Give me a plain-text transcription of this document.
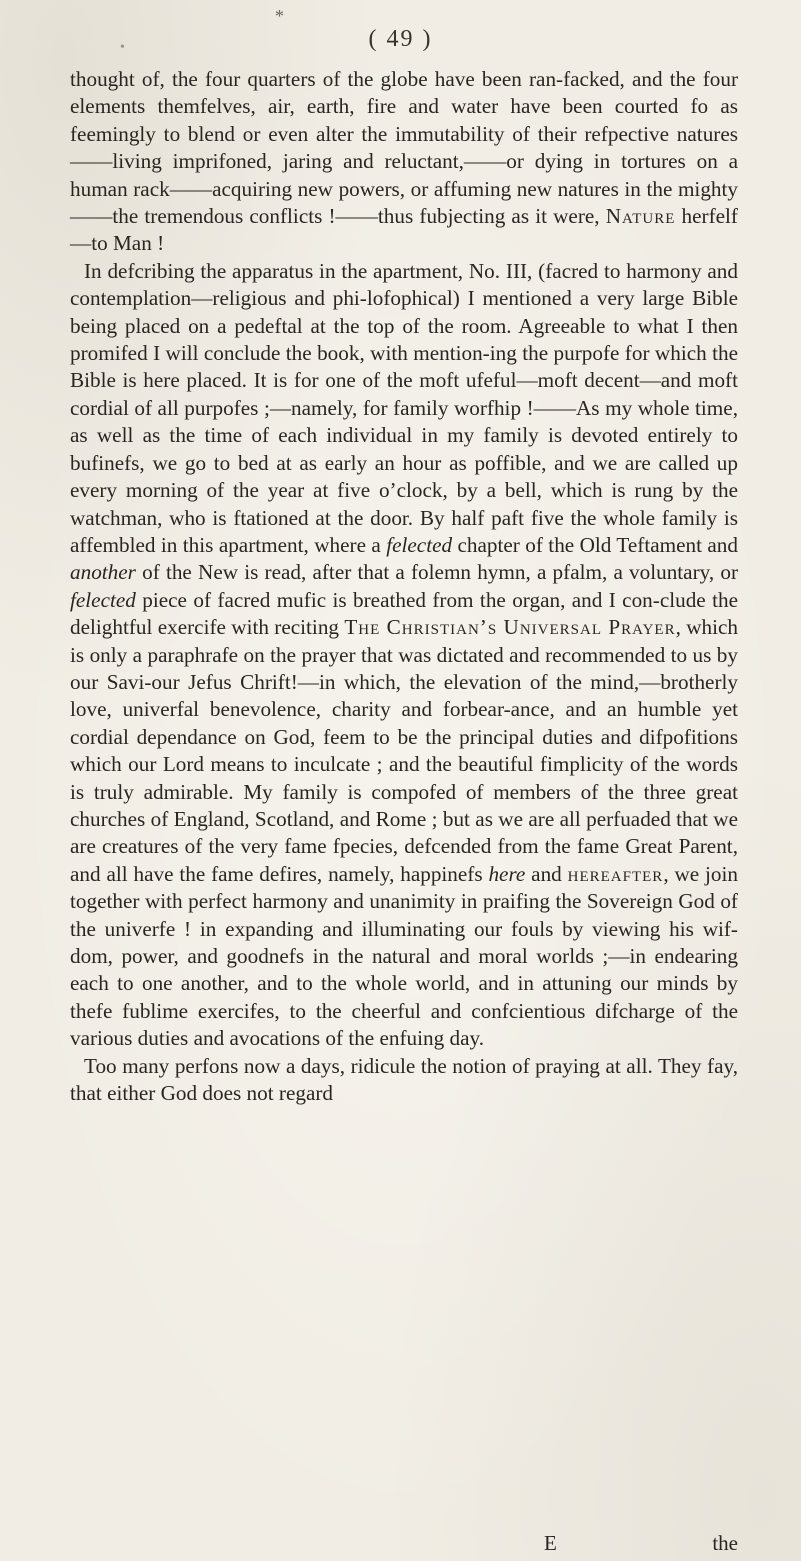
*
•	( 49 )

thought of, the four quarters of the globe have been ran-facked, and the four elements themfelves, air, earth, fire and water have been courted fo as feemingly to blend or even alter the immutability of their refpective natures——living imprifoned, jaring and reluctant,——or dying in tortures on a human rack——acquiring new powers, or affuming new natures in the mighty——the tremendous conflicts !——thus fubjecting as it were, Nature herfelf—to Man !

In defcribing the apparatus in the apartment, No. III, (facred to harmony and contemplation—religious and phi-lofophical) I mentioned a very large Bible being placed on a pedeftal at the top of the room. Agreeable to what I then promifed I will conclude the book, with mention-ing the purpofe for which the Bible is here placed. It is for one of the moft ufeful—moft decent—and moft cordial of all purpofes ;—namely, for family worfhip !——As my whole time, as well as the time of each individual in my family is devoted entirely to bufinefs, we go to bed at as early an hour as poffible, and we are called up every morning of the year at five o’clock, by a bell, which is rung by the watchman, who is ftationed at the door. By half paft five the whole family is affembled in this apartment, where a felected chapter of the Old Teftament and another of the New is read, after that a folemn hymn, a pfalm, a voluntary, or felected piece of facred mufic is breathed from the organ, and I con-clude the delightful exercife with reciting The Christian’s Universal Prayer, which is only a paraphrafe on the prayer that was dictated and recommended to us by our Savi-our Jefus Chrift!—in which, the elevation of the mind,—brotherly love, univerfal benevolence, charity and forbear-ance, and an humble yet cordial dependance on God, feem to be the principal duties and difpofitions which our Lord means to inculcate ; and the beautiful fimplicity of the words is truly admirable. My family is compofed of members of the three great churches of England, Scotland, and Rome ; but as we are all perfuaded that we are creatures of the very fame fpecies, defcended from the fame Great Parent, and all have the fame defires, namely, happinefs here and hereafter, we join together with perfect harmony and unanimity in praifing the Sovereign God of the univerfe ! in expanding and illuminating our fouls by viewing his wif-dom, power, and goodnefs in the natural and moral worlds ;—in endearing each to one another, and to the whole world, and in attuning our minds by thefe fublime exercifes, to the cheerful and confcientious difcharge of the various duties and avocations of the enfuing day.

Too many perfons now a days, ridicule the notion of praying at all. They fay, that either God does not regard

E	the
